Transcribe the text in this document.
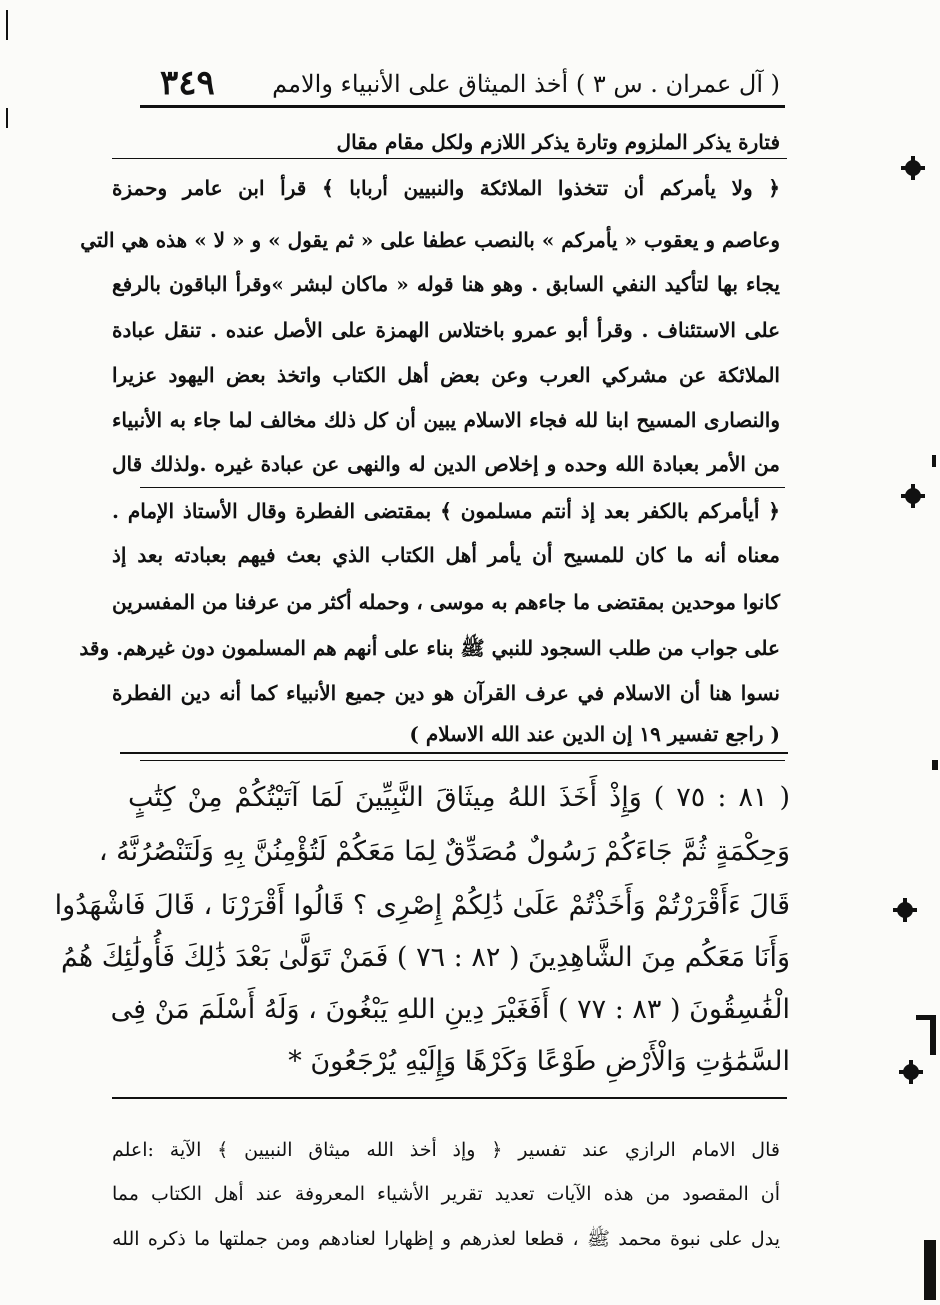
٣٤٩ ( آل عمران . س ٣ ) أخذ الميثاق على الأنبياء والامم
فتارة يذكر الملزوم وتارة يذكر اللازم ولكل مقام مقال
﴿ ولا يأمركم أن تتخذوا الملائكة والنبيين أربابا ﴾ قرأ ابن عامر وحمزة
وعاصم و يعقوب « يأمركم » بالنصب عطفا على « ثم يقول » و « لا » هذه هي التي
يجاء بها لتأكيد النفي السابق . وهو هنا قوله « ماكان لبشر »وقرأ الباقون بالرفع
على الاستئناف . وقرأ أبو عمرو باختلاس الهمزة على الأصل عنده . تنقل عبادة
الملائكة عن مشركي العرب وعن بعض أهل الكتاب واتخذ بعض اليهود عزيرا
والنصارى المسيح ابنا لله فجاء الاسلام يبين أن كل ذلك مخالف لما جاء به الأنبياء
من الأمر بعبادة الله وحده و إخلاص الدين له والنهى عن عبادة غيره .ولذلك قال
﴿ أيأمركم بالكفر بعد إذ أنتم مسلمون ﴾ بمقتضى الفطرة وقال الأستاذ الإمام .
معناه أنه ما كان للمسيح أن يأمر أهل الكتاب الذي بعث فيهم بعبادته بعد إذ
كانوا موحدين بمقتضى ما جاءهم به موسى ، وحمله أكثر من عرفنا من المفسرين
على جواب من طلب السجود للنبي ﷺ بناء على أنهم هم المسلمون دون غيرهم. وقد
نسوا هنا أن الاسلام في عرف القرآن هو دين جميع الأنبياء كما أنه دين الفطرة
( راجع تفسير ١٩ إن الدين عند الله الاسلام )
( ٨١ : ٧٥ ) وَإِذْ أَخَذَ اللهُ مِيثَاقَ النَّبِيِّينَ لَمَا آتَيْتُكُمْ مِنْ كِتَٰبٍ
وَحِكْمَةٍ ثُمَّ جَاءَكُمْ رَسُولٌ مُصَدِّقٌ لِمَا مَعَكُمْ لَتُؤْمِنُنَّ بِهِ وَلَتَنْصُرُنَّهُ ،
قَالَ ءَأَقْرَرْتُمْ وَأَخَذْتُمْ عَلَىٰ ذَٰلِكُمْ إِصْرِى ؟ قَالُوا أَقْرَرْنَا ، قَالَ فَاشْهَدُوا
وَأَنَا مَعَكُم مِنَ الشَّاهِدِينَ ( ٨٢ : ٧٦ ) فَمَنْ تَوَلَّىٰ بَعْدَ ذَٰلِكَ فَأُولَٰئِكَ هُمُ
الْفَٰسِقُونَ ( ٨٣ : ٧٧ ) أَفَغَيْرَ دِينِ اللهِ يَبْغُونَ ، وَلَهُ أَسْلَمَ مَنْ فِى
السَّمَٰوَٰتِ وَالْأَرْضِ طَوْعًا وَكَرْهًا وَإِلَيْهِ يُرْجَعُونَ *
قال الامام الرازي عند تفسير ﴿ وإذ أخذ الله ميثاق النبيين ﴾ الآية :اعلم
أن المقصود من هذه الآيات تعديد تقرير الأشياء المعروفة عند أهل الكتاب مما
يدل على نبوة محمد ﷺ ، قطعا لعذرهم و إظهارا لعنادهم ومن جملتها ما ذكره الله
